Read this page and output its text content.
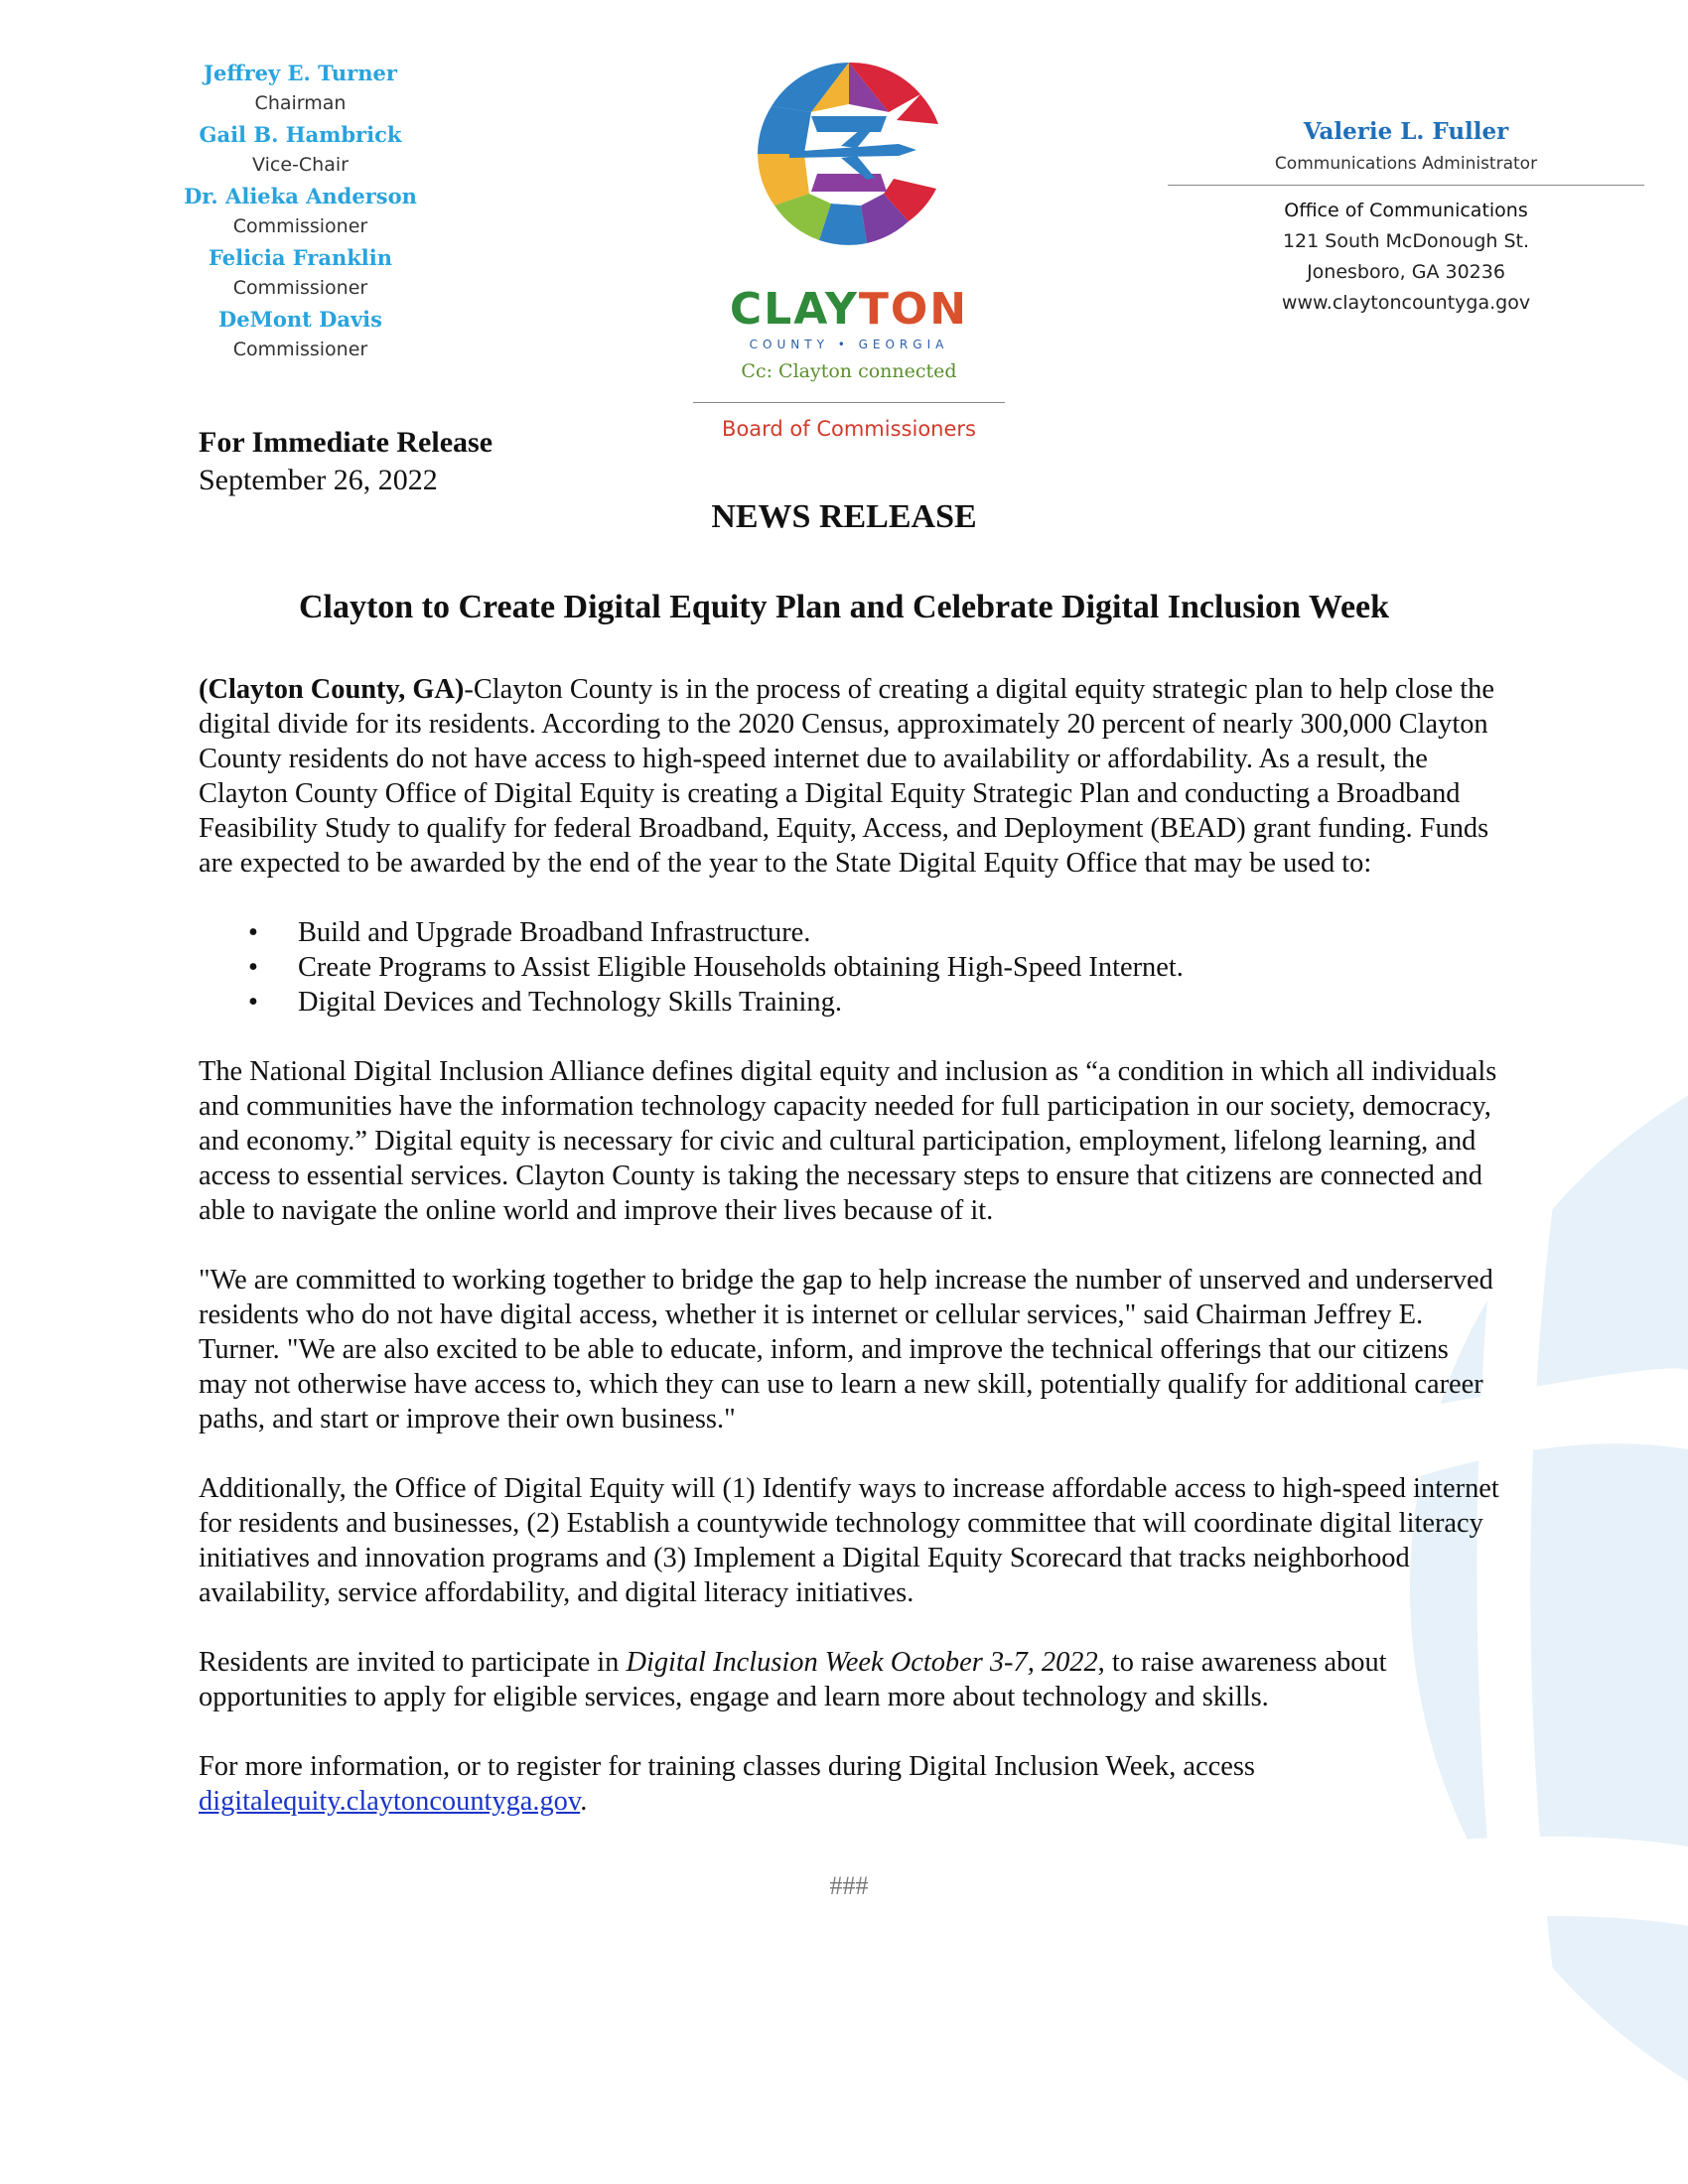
Jeffrey E. Turner
Chairman
Gail B. Hambrick
Vice-Chair
Dr. Alieka Anderson
Commissioner
Felicia Franklin
Commissioner
DeMont Davis
Commissioner
CLAYTON
COUNTY • GEORGIA
Cc: Clayton connected
Board of Commissioners
Valerie L. Fuller
Communications Administrator
Office of Communications
121 South McDonough St.
Jonesboro, GA 30236
www.claytoncountyga.gov
For Immediate Release
September 26, 2022
NEWS RELEASE
Clayton to Create Digital Equity Plan and Celebrate Digital Inclusion Week

(Clayton County, GA)-Clayton County is in the process of creating a digital equity strategic plan to help close the digital divide for its residents. According to the 2020 Census, approximately 20 percent of nearly 300,000 Clayton County residents do not have access to high-speed internet due to availability or affordability. As a result, the Clayton County Office of Digital Equity is creating a Digital Equity Strategic Plan and conducting a Broadband Feasibility Study to qualify for federal Broadband, Equity, Access, and Deployment (BEAD) grant funding. Funds are expected to be awarded by the end of the year to the State Digital Equity Office that may be used to:

• Build and Upgrade Broadband Infrastructure.
• Create Programs to Assist Eligible Households obtaining High-Speed Internet.
• Digital Devices and Technology Skills Training.

The National Digital Inclusion Alliance defines digital equity and inclusion as “a condition in which all individuals and communities have the information technology capacity needed for full participation in our society, democracy, and economy.” Digital equity is necessary for civic and cultural participation, employment, lifelong learning, and access to essential services. Clayton County is taking the necessary steps to ensure that citizens are connected and able to navigate the online world and improve their lives because of it.

"We are committed to working together to bridge the gap to help increase the number of unserved and underserved residents who do not have digital access, whether it is internet or cellular services," said Chairman Jeffrey E. Turner. "We are also excited to be able to educate, inform, and improve the technical offerings that our citizens may not otherwise have access to, which they can use to learn a new skill, potentially qualify for additional career paths, and start or improve their own business."

Additionally, the Office of Digital Equity will (1) Identify ways to increase affordable access to high-speed internet for residents and businesses, (2) Establish a countywide technology committee that will coordinate digital literacy initiatives and innovation programs and (3) Implement a Digital Equity Scorecard that tracks neighborhood availability, service affordability, and digital literacy initiatives.

Residents are invited to participate in Digital Inclusion Week October 3-7, 2022, to raise awareness about opportunities to apply for eligible services, engage and learn more about technology and skills.

For more information, or to register for training classes during Digital Inclusion Week, access digitalequity.claytoncountyga.gov.

###
